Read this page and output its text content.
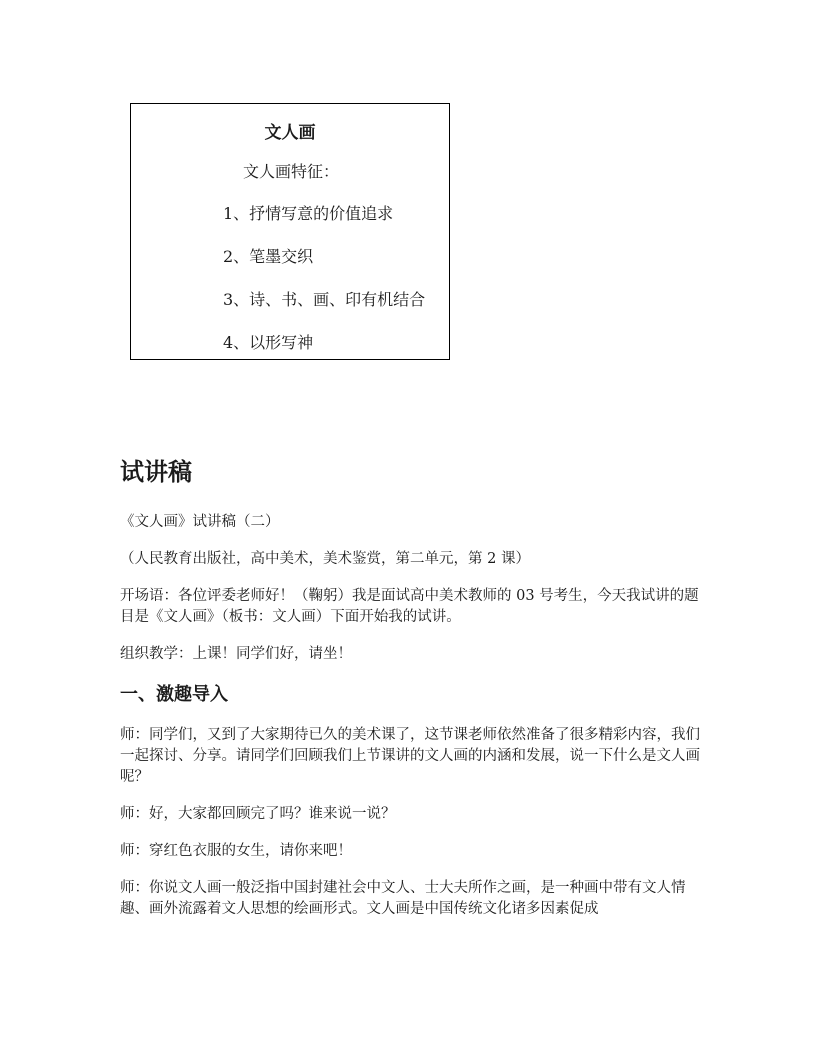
文人画
文人画特征：
1、抒情写意的价值追求
2、笔墨交织
3、诗、书、画、印有机结合
4、以形写神
试讲稿

《文人画》试讲稿（二）

（人民教育出版社，高中美术，美术鉴赏，第二单元，第 2 课）

开场语：各位评委老师好！（鞠躬）我是面试高中美术教师的 03 号考生，今天我试讲的题目是《文人画》（板书：文人画）下面开始我的试讲。

组织教学：上课！同学们好，请坐！

一、激趣导入

师：同学们，又到了大家期待已久的美术课了，这节课老师依然准备了很多精彩内容，我们一起探讨、分享。请同学们回顾我们上节课讲的文人画的内涵和发展，说一下什么是文人画呢？

师：好，大家都回顾完了吗？谁来说一说？

师：穿红色衣服的女生，请你来吧！

师：你说文人画一般泛指中国封建社会中文人、士大夫所作之画，是一种画中带有文人情趣、画外流露着文人思想的绘画形式。文人画是中国传统文化诸多因素促成
